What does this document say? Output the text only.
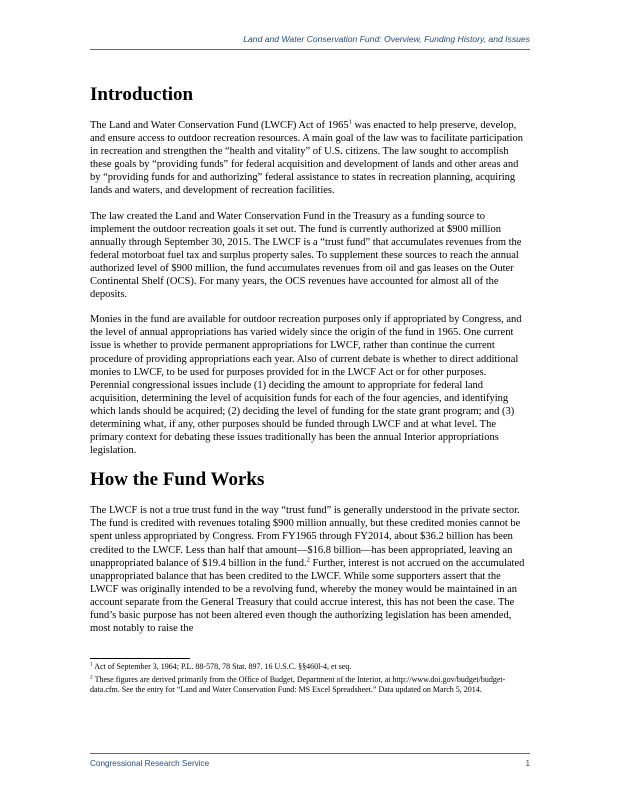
Land and Water Conservation Fund: Overview, Funding History, and Issues
Introduction

The Land and Water Conservation Fund (LWCF) Act of 1965$^1$ was enacted to help preserve, develop, and ensure access to outdoor recreation resources. A main goal of the law was to facilitate participation in recreation and strengthen the “health and vitality” of U.S. citizens. The law sought to accomplish these goals by “providing funds” for federal acquisition and development of lands and other areas and by “providing funds for and authorizing” federal assistance to states in recreation planning, acquiring lands and waters, and development of recreation facilities.

The law created the Land and Water Conservation Fund in the Treasury as a funding source to implement the outdoor recreation goals it set out. The fund is currently authorized at $900 million annually through September 30, 2015. The LWCF is a “trust fund” that accumulates revenues from the federal motorboat fuel tax and surplus property sales. To supplement these sources to reach the annual authorized level of $900 million, the fund accumulates revenues from oil and gas leases on the Outer Continental Shelf (OCS). For many years, the OCS revenues have accounted for almost all of the deposits.

Monies in the fund are available for outdoor recreation purposes only if appropriated by Congress, and the level of annual appropriations has varied widely since the origin of the fund in 1965. One current issue is whether to provide permanent appropriations for LWCF, rather than continue the current procedure of providing appropriations each year. Also of current debate is whether to direct additional monies to LWCF, to be used for purposes provided for in the LWCF Act or for other purposes. Perennial congressional issues include (1) deciding the amount to appropriate for federal land acquisition, determining the level of acquisition funds for each of the four agencies, and identifying which lands should be acquired; (2) deciding the level of funding for the state grant program; and (3) determining what, if any, other purposes should be funded through LWCF and at what level. The primary context for debating these issues traditionally has been the annual Interior appropriations legislation.

How the Fund Works

The LWCF is not a true trust fund in the way “trust fund” is generally understood in the private sector. The fund is credited with revenues totaling $900 million annually, but these credited monies cannot be spent unless appropriated by Congress. From FY1965 through FY2014, about $36.2 billion has been credited to the LWCF. Less than half that amount—$16.8 billion—has been appropriated, leaving an unappropriated balance of $19.4 billion in the fund.$^2$ Further, interest is not accrued on the accumulated unappropriated balance that has been credited to the LWCF. While some supporters assert that the LWCF was originally intended to be a revolving fund, whereby the money would be maintained in an account separate from the General Treasury that could accrue interest, this has not been the case. The fund’s basic purpose has not been altered even though the authorizing legislation has been amended, most notably to raise the

$^1$ Act of September 3, 1964; P.L. 88-578, 78 Stat. 897. 16 U.S.C. §§460l-4, et seq.
$^2$ These figures are derived primarily from the Office of Budget, Department of the Interior, at http://www.doi.gov/budget/budget-data.cfm. See the entry for “Land and Water Conservation Fund: MS Excel Spreadsheet.” Data updated on March 5, 2014.
Congressional Research Service	1
